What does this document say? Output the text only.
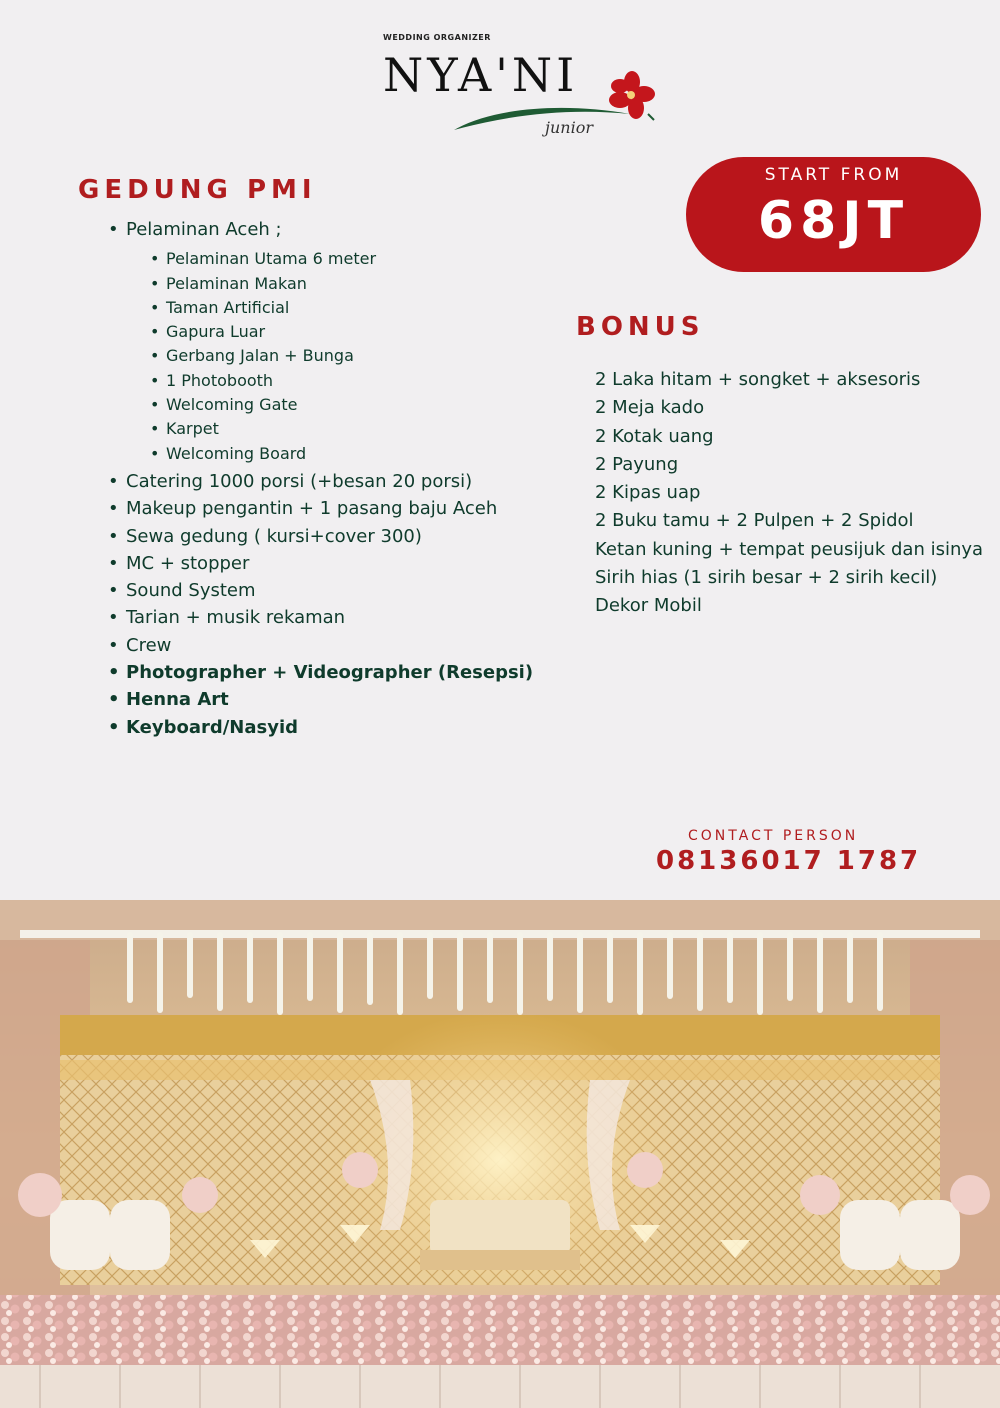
WEDDING ORGANIZER
NYA'NI
junior
GEDUNG PMI
• Pelaminan Aceh ;
• Pelaminan Utama 6 meter
• Pelaminan Makan
• Taman Artificial
• Gapura Luar
• Gerbang Jalan + Bunga
• 1 Photobooth
• Welcoming Gate
• Karpet
• Welcoming Board
• Catering 1000 porsi (+besan 20 porsi)
• Makeup pengantin + 1 pasang baju Aceh
• Sewa gedung ( kursi+cover 300)
• MC + stopper
• Sound System
• Tarian + musik rekaman
• Crew
• Photographer + Videographer (Resepsi)
• Henna Art
• Keyboard/Nasyid
START FROM
68JT
BONUS
• 2 Laka hitam + songket + aksesoris
• 2 Meja kado
• 2 Kotak uang
• 2 Payung
• 2 Kipas uap
• 2 Buku tamu + 2 Pulpen + 2 Spidol
• Ketan kuning + tempat peusijuk dan isinya
• Sirih hias (1 sirih besar + 2 sirih kecil)
• Dekor Mobil
CONTACT PERSON
08136017 1787
